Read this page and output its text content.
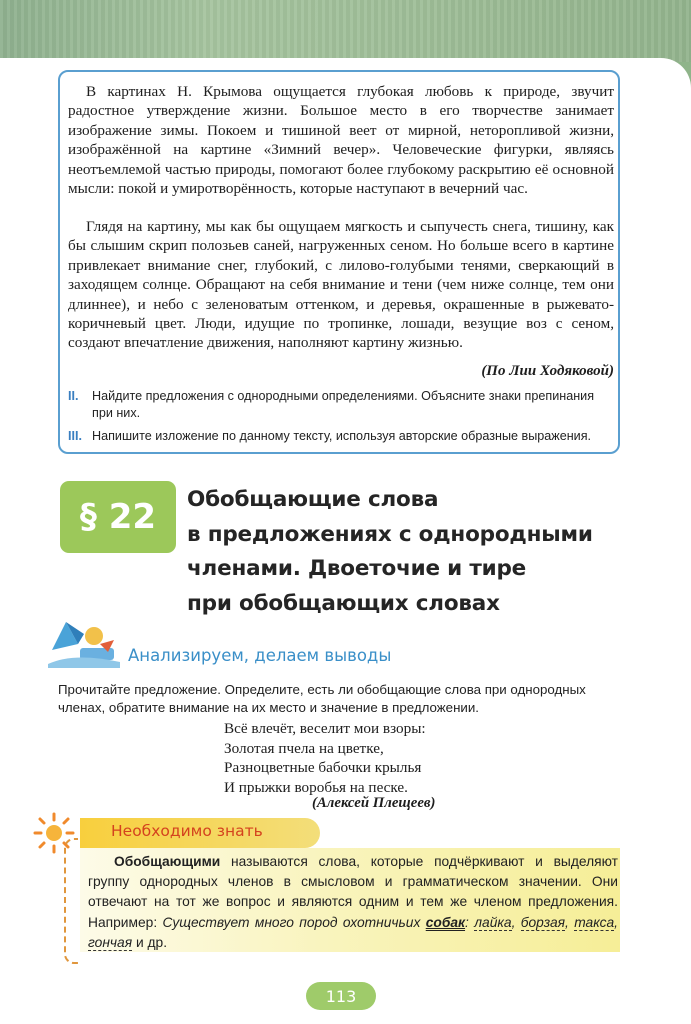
В картинах Н. Крымова ощущается глубокая любовь к природе, звучит радостное утверждение жизни. Большое место в его творчестве занимает изображение зимы. Покоем и тишиной веет от мирной, неторопливой жизни, изображённой на картине «Зимний вечер». Человеческие фигурки, являясь неотъемлемой частью природы, помогают более глубокому раскрытию её основной мысли: покой и умиротворённость, которые наступают в вечерний час.

Глядя на картину, мы как бы ощущаем мягкость и сыпучесть снега, тишину, как бы слышим скрип полозьев саней, нагруженных сеном. Но больше всего в картине привлекает внимание снег, глубокий, с лилово-голубыми тенями, сверкающий в заходящем солнце. Обращают на себя внимание и тени (чем ниже солнце, тем они длиннее), и небо с зеленоватым оттенком, и деревья, окрашенные в рыжевато-коричневый цвет. Люди, идущие по тропинке, лошади, везущие воз с сеном, создают впечатление движения, наполняют картину жизнью.

(По Лии Ходяковой)
II.	Найдите предложения с однородными определениями. Объясните знаки препинания при них.
III. Напишите изложение по данному тексту, используя авторские образные выражения.
§ 22	Обобщающие слова
в предложениях с однородными
членами. Двоеточие и тире
при обобщающих словах
Анализируем, делаем выводы

Прочитайте предложение. Определите, есть ли обобщающие слова при однородных членах, обратите внимание на их место и значение в предложении.

Всё влечёт, веселит мои взоры:
Золотая пчела на цветке,
Разноцветные бабочки крылья
И прыжки воробья на песке.
(Алексей Плещеев)
Необходимо знать

Обобщающими называются слова, которые подчёркивают и выделяют группу однородных членов в смысловом и грамматическом значении. Они отвечают на тот же вопрос и являются одним и тем же членом предложения. Например: Существует много пород охотничьих собак: лайка, борзая, такса, гончая и др.

113
